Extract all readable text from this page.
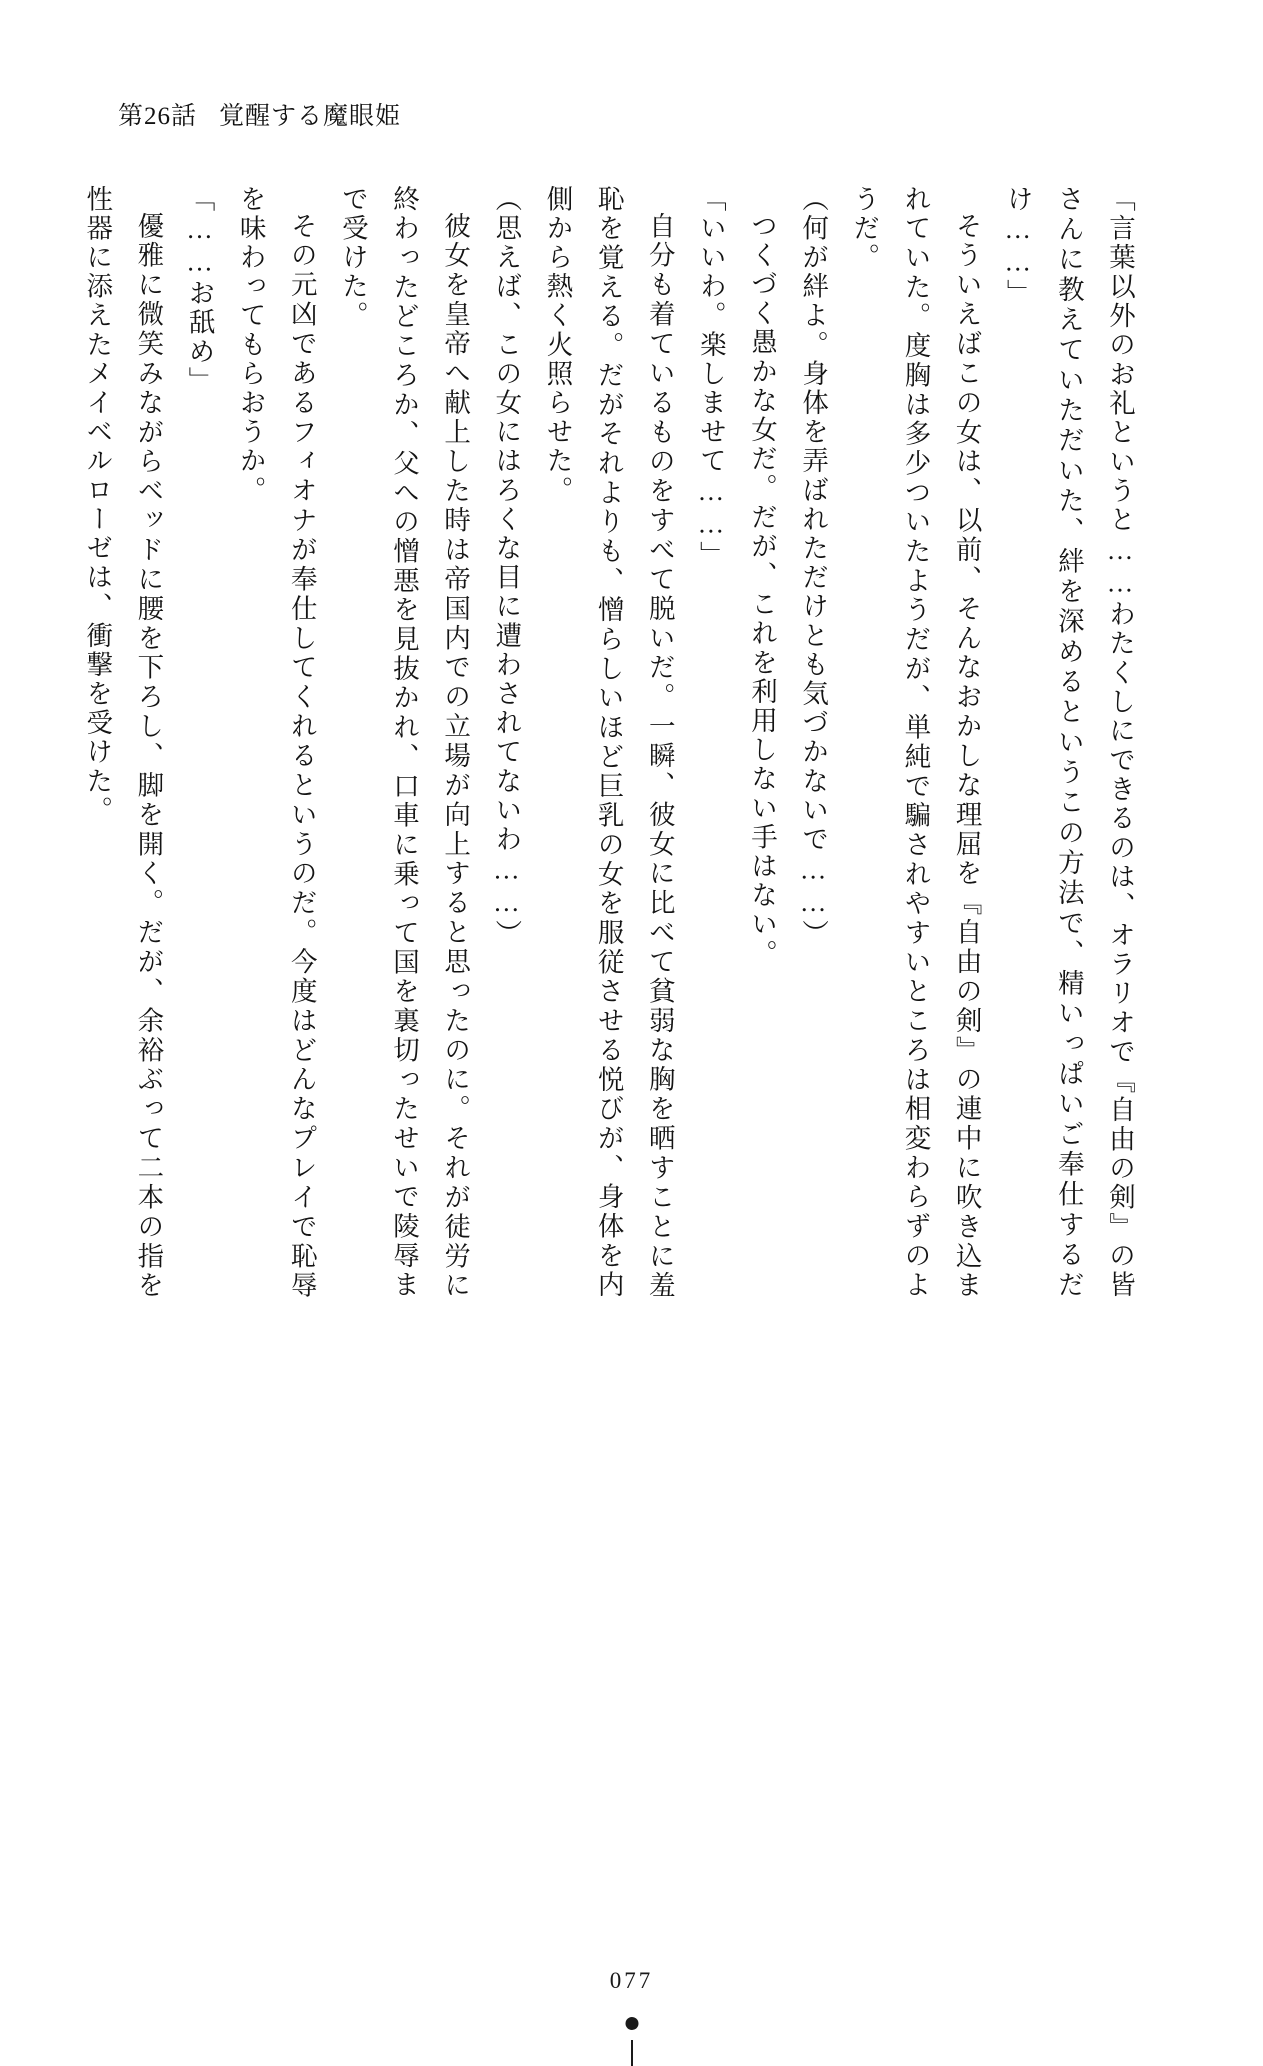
第26話 覚醒する魔眼姫

「言葉以外のお礼というと……わたくしにできるのは、オラリオで『自由の剣』の皆さんに教えていただいた、絆を深めるというこの方法で、精いっぱいご奉仕するだけ……」

そういえばこの女は、以前、そんなおかしな理屈を『自由の剣』の連中に吹き込まれていた。度胸は多少ついたようだが、単純で騙されやすいところは相変わらずのようだ。

（何が絆よ。身体を弄ばれただけとも気づかないで……）

つくづく愚かな女だ。だが、これを利用しない手はない。

「いいわ。楽しませて……」

自分も着ているものをすべて脱いだ。一瞬、彼女に比べて貧弱な胸を晒すことに羞恥を覚える。だがそれよりも、憎らしいほど巨乳の女を服従させる悦びが、身体を内側から熱く火照らせた。

（思えば、この女にはろくな目に遭わされてないわ……）

彼女を皇帝へ献上した時は帝国内での立場が向上すると思ったのに。それが徒労に終わったどころか、父への憎悪を見抜かれ、口車に乗って国を裏切ったせいで陵辱まで受けた。

その元凶であるフィオナが奉仕してくれるというのだ。今度はどんなプレイで恥辱を味わってもらおうか。

「……お舐め」

優雅に微笑みながらベッドに腰を下ろし、脚を開く。だが、余裕ぶって二本の指を性器に添えたメイベルローゼは、衝撃を受けた。

077
